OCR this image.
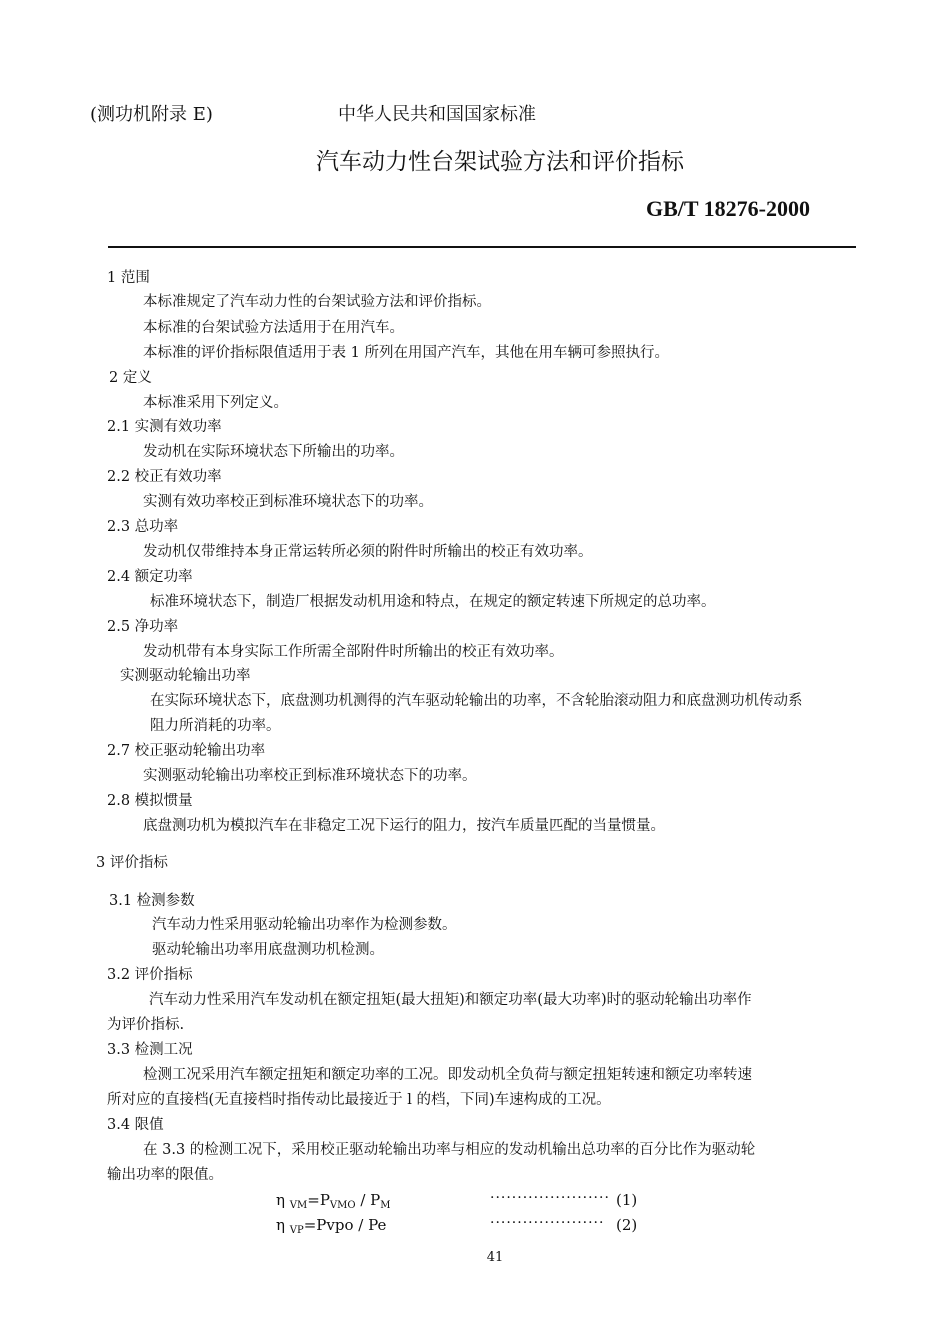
(测功机附录 E)	中华人民共和国国家标准
汽车动力性台架试验方法和评价指标
GB/T 18276-2000
1 范围
本标准规定了汽车动力性的台架试验方法和评价指标。
本标准的台架试验方法适用于在用汽车。
本标准的评价指标限值适用于表 1 所列在用国产汽车，其他在用车辆可参照执行。
2 定义
本标准采用下列定义。
2.1 实测有效功率
发动机在实际环境状态下所输出的功率。
2.2 校正有效功率
实测有效功率校正到标准环境状态下的功率。
2.3 总功率
发动机仅带维持本身正常运转所必须的附件时所输出的校正有效功率。
2.4 额定功率
标准环境状态下，制造厂根据发动机用途和特点，在规定的额定转速下所规定的总功率。
2.5 净功率
发动机带有本身实际工作所需全部附件时所输出的校正有效功率。
实测驱动轮输出功率
在实际环境状态下，底盘测功机测得的汽车驱动轮输出的功率，不含轮胎滚动阻力和底盘测功机传动系
阻力所消耗的功率。
2.7 校正驱动轮输出功率
实测驱动轮输出功率校正到标准环境状态下的功率。
2.8 模拟惯量
底盘测功机为模拟汽车在非稳定工况下运行的阻力，按汽车质量匹配的当量惯量。
3 评价指标
3.1 检测参数
汽车动力性采用驱动轮输出功率作为检测参数。
驱动轮输出功率用底盘测功机检测。
3.2 评价指标
汽车动力性采用汽车发动机在额定扭矩(最大扭矩)和额定功率(最大功率)时的驱动轮输出功率作
为评价指标.
3.3 检测工况
检测工况采用汽车额定扭矩和额定功率的工况。即发动机全负荷与额定扭矩转速和额定功率转速
所对应的直接档(无直接档时指传动比最接近于 l 的档，下同)车速构成的工况。
3.4 限值
在 3.3 的检测工况下，采用校正驱动轮输出功率与相应的发动机输出总功率的百分比作为驱动轮
输出功率的限值。
η $_{VM}=P_{VMO} / P_M$	······················ (1)
η $_{VP}$=Pvpo / Pe	····················· (2)
41
